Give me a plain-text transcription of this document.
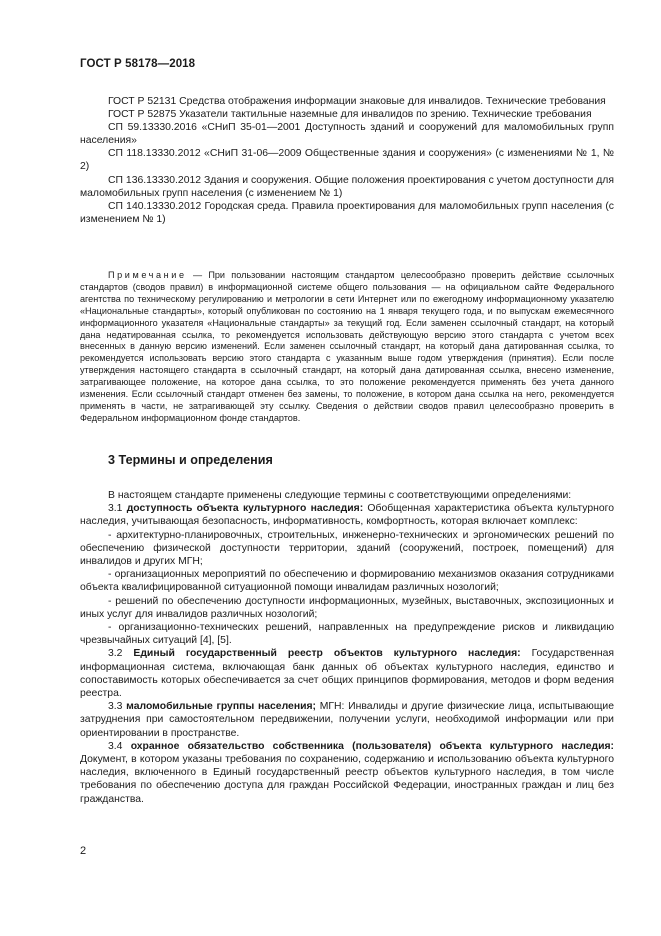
ГОСТ Р 58178—2018

ГОСТ Р 52131 Средства отображения информации знаковые для инвалидов. Технические требования

ГОСТ Р 52875 Указатели тактильные наземные для инвалидов по зрению. Технические требования

СП 59.13330.2016 «СНиП 35-01—2001 Доступность зданий и сооружений для маломобильных групп населения»

СП 118.13330.2012 «СНиП 31-06—2009 Общественные здания и сооружения» (с изменениями № 1, № 2)

СП 136.13330.2012 Здания и сооружения. Общие положения проектирования с учетом доступности для маломобильных групп населения (с изменением № 1)

СП 140.13330.2012 Городская среда. Правила проектирования для маломобильных групп населения (с изменением № 1)

Примечание — При пользовании настоящим стандартом целесообразно проверить действие ссылочных стандартов (сводов правил) в информационной системе общего пользования — на официальном сайте Федерального агентства по техническому регулированию и метрологии в сети Интернет или по ежегодному информационному указателю «Национальные стандарты», который опубликован по состоянию на 1 января текущего года, и по выпускам ежемесячного информационного указателя «Национальные стандарты» за текущий год. Если заменен ссылочный стандарт, на который дана недатированная ссылка, то рекомендуется использовать действующую версию этого стандарта с учетом всех внесенных в данную версию изменений. Если заменен ссылочный стандарт, на который дана датированная ссылка, то рекомендуется использовать версию этого стандарта с указанным выше годом утверждения (принятия). Если после утверждения настоящего стандарта в ссылочный стандарт, на который дана датированная ссылка, внесено изменение, затрагивающее положение, на которое дана ссылка, то это положение рекомендуется применять без учета данного изменения. Если ссылочный стандарт отменен без замены, то положение, в котором дана ссылка на него, рекомендуется применять в части, не затрагивающей эту ссылку. Сведения о действии сводов правил целесообразно проверить в Федеральном информационном фонде стандартов.

3 Термины и определения

В настоящем стандарте применены следующие термины с соответствующими определениями:

3.1 доступность объекта культурного наследия: Обобщенная характеристика объекта культурного наследия, учитывающая безопасность, информативность, комфортность, которая включает комплекс:

- архитектурно-планировочных, строительных, инженерно-технических и эргономических решений по обеспечению физической доступности территории, зданий (сооружений, построек, помещений) для инвалидов и других МГН;

- организационных мероприятий по обеспечению и формированию механизмов оказания сотрудниками объекта квалифицированной ситуационной помощи инвалидам различных нозологий;

- решений по обеспечению доступности информационных, музейных, выставочных, экспозиционных и иных услуг для инвалидов различных нозологий;

- организационно-технических решений, направленных на предупреждение рисков и ликвидацию чрезвычайных ситуаций [4], [5].

3.2 Единый государственный реестр объектов культурного наследия: Государственная информационная система, включающая банк данных об объектах культурного наследия, единство и сопоставимость которых обеспечивается за счет общих принципов формирования, методов и форм ведения реестра.

3.3 маломобильные группы населения; МГН: Инвалиды и другие физические лица, испытывающие затруднения при самостоятельном передвижении, получении услуги, необходимой информации или при ориентировании в пространстве.

3.4 охранное обязательство собственника (пользователя) объекта культурного наследия: Документ, в котором указаны требования по сохранению, содержанию и использованию объекта культурного наследия, включенного в Единый государственный реестр объектов культурного наследия, в том числе требования по обеспечению доступа для граждан Российской Федерации, иностранных граждан и лиц без гражданства.

2
